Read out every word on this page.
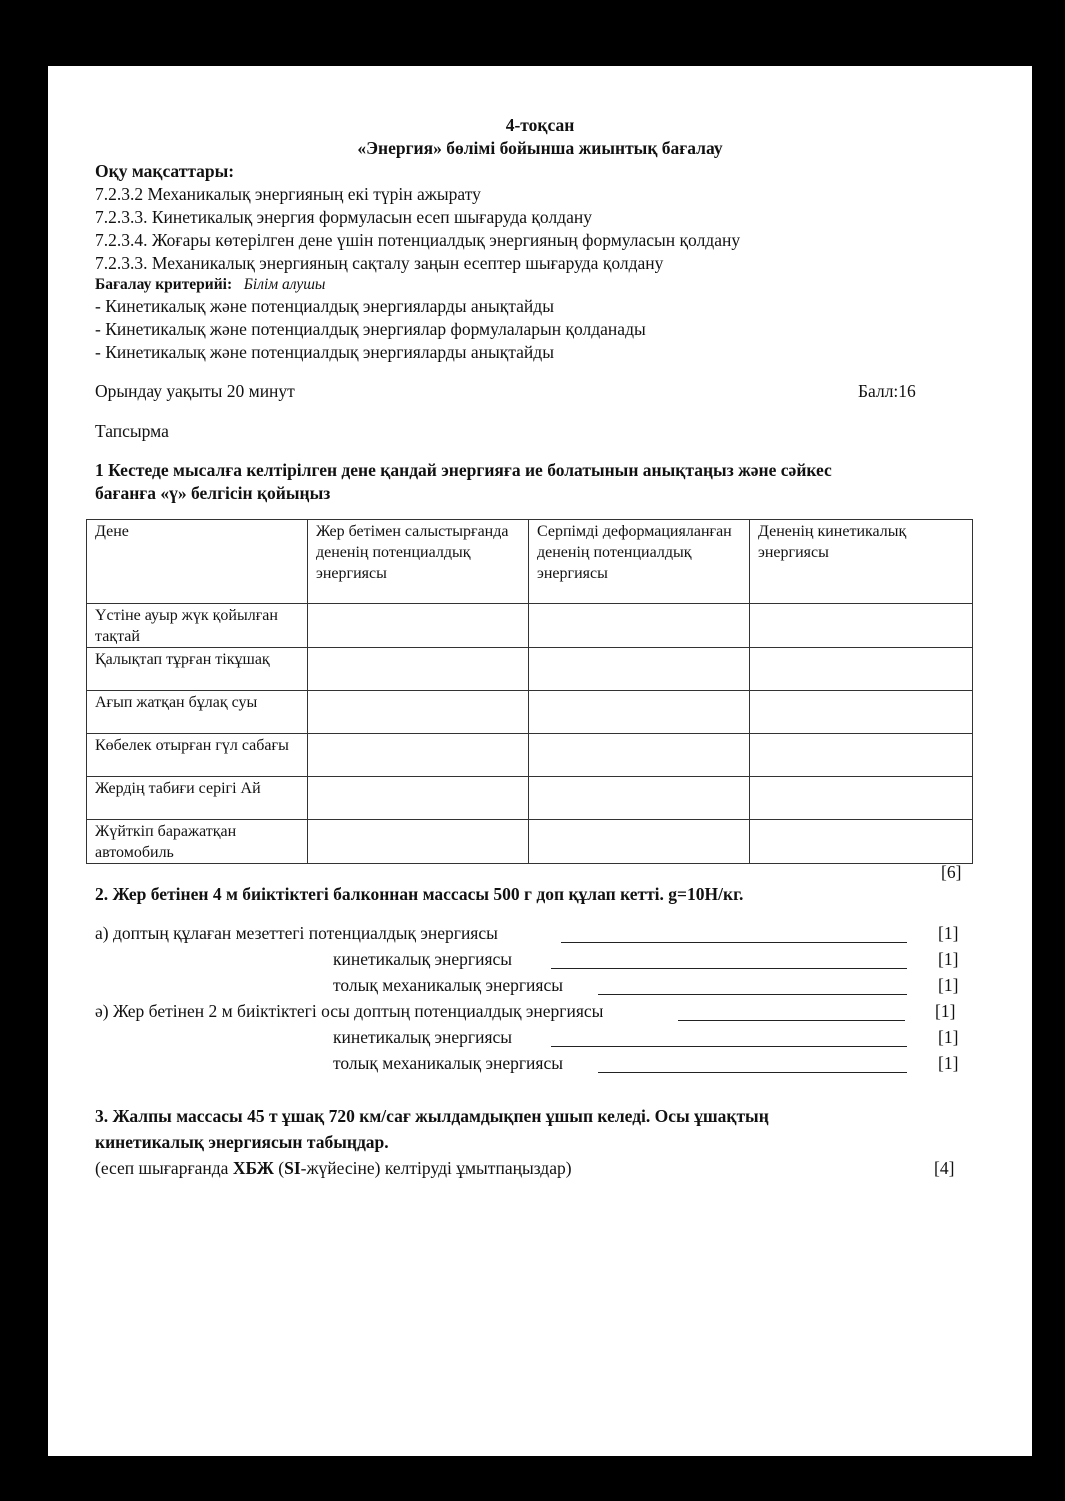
4-тоқсан
«Энергия» бөлімі бойынша жиынтық бағалау
Оқу мақсаттары:
7.2.3.2 Механикалық энергияның екі түрін ажырату
7.2.3.3. Кинетикалық энергия формуласын есеп шығаруда қолдану
7.2.3.4. Жоғары көтерілген дене үшін потенциалдық энергияның формуласын қолдану
7.2.3.3. Механикалық энергияның сақталу заңын есептер шығаруда қолдану
Бағалау критерийі: Білім алушы
- Кинетикалық және потенциалдық энергияларды анықтайды
- Кинетикалық және потенциалдық энергиялар формулаларын қолданады
- Кинетикалық және потенциалдық энергияларды анықтайды
Орындау уақыты 20 минут	Балл:16
Тапсырма
1 Кестеде мысалға келтірілген дене қандай энергияға ие болатынын анықтаңыз және сәйкес
бағанға «ү» белгісін қойыңыз
Дене	Жер бетімен салыстырғанда дененің потенциалдық энергиясы	Серпімді деформацияланған дененің потенциалдық энергиясы	Дененің кинетикалық энергиясы
Үстіне ауыр жүк қойылған тақтай			
Қалықтап тұрған тікұшақ			
Ағып жатқан бұлақ суы			
Көбелек отырған гүл сабағы			
Жердің табиғи серігі Ай			
Жүйткіп баражатқан автомобиль			
[6]
2. Жер бетінен 4 м биіктіктегі балконнан массасы 500 г доп құлап кетті. g=10Н/кг.
а) доптың құлаған мезеттегі потенциалдық энергиясы	[1]
кинетикалық энергиясы	[1]
толық механикалық энергиясы	[1]
ә) Жер бетінен 2 м биіктіктегі осы доптың потенциалдық энергиясы	[1]
кинетикалық энергиясы	[1]
толық механикалық энергиясы	[1]
3. Жалпы массасы 45 т ұшақ 720 км/сағ жылдамдықпен ұшып келеді. Осы ұшақтың
кинетикалық энергиясын табыңдар.
(есеп шығарғанда ХБЖ (SI-жүйесіне) келтіруді ұмытпаңыздар)	[4]
